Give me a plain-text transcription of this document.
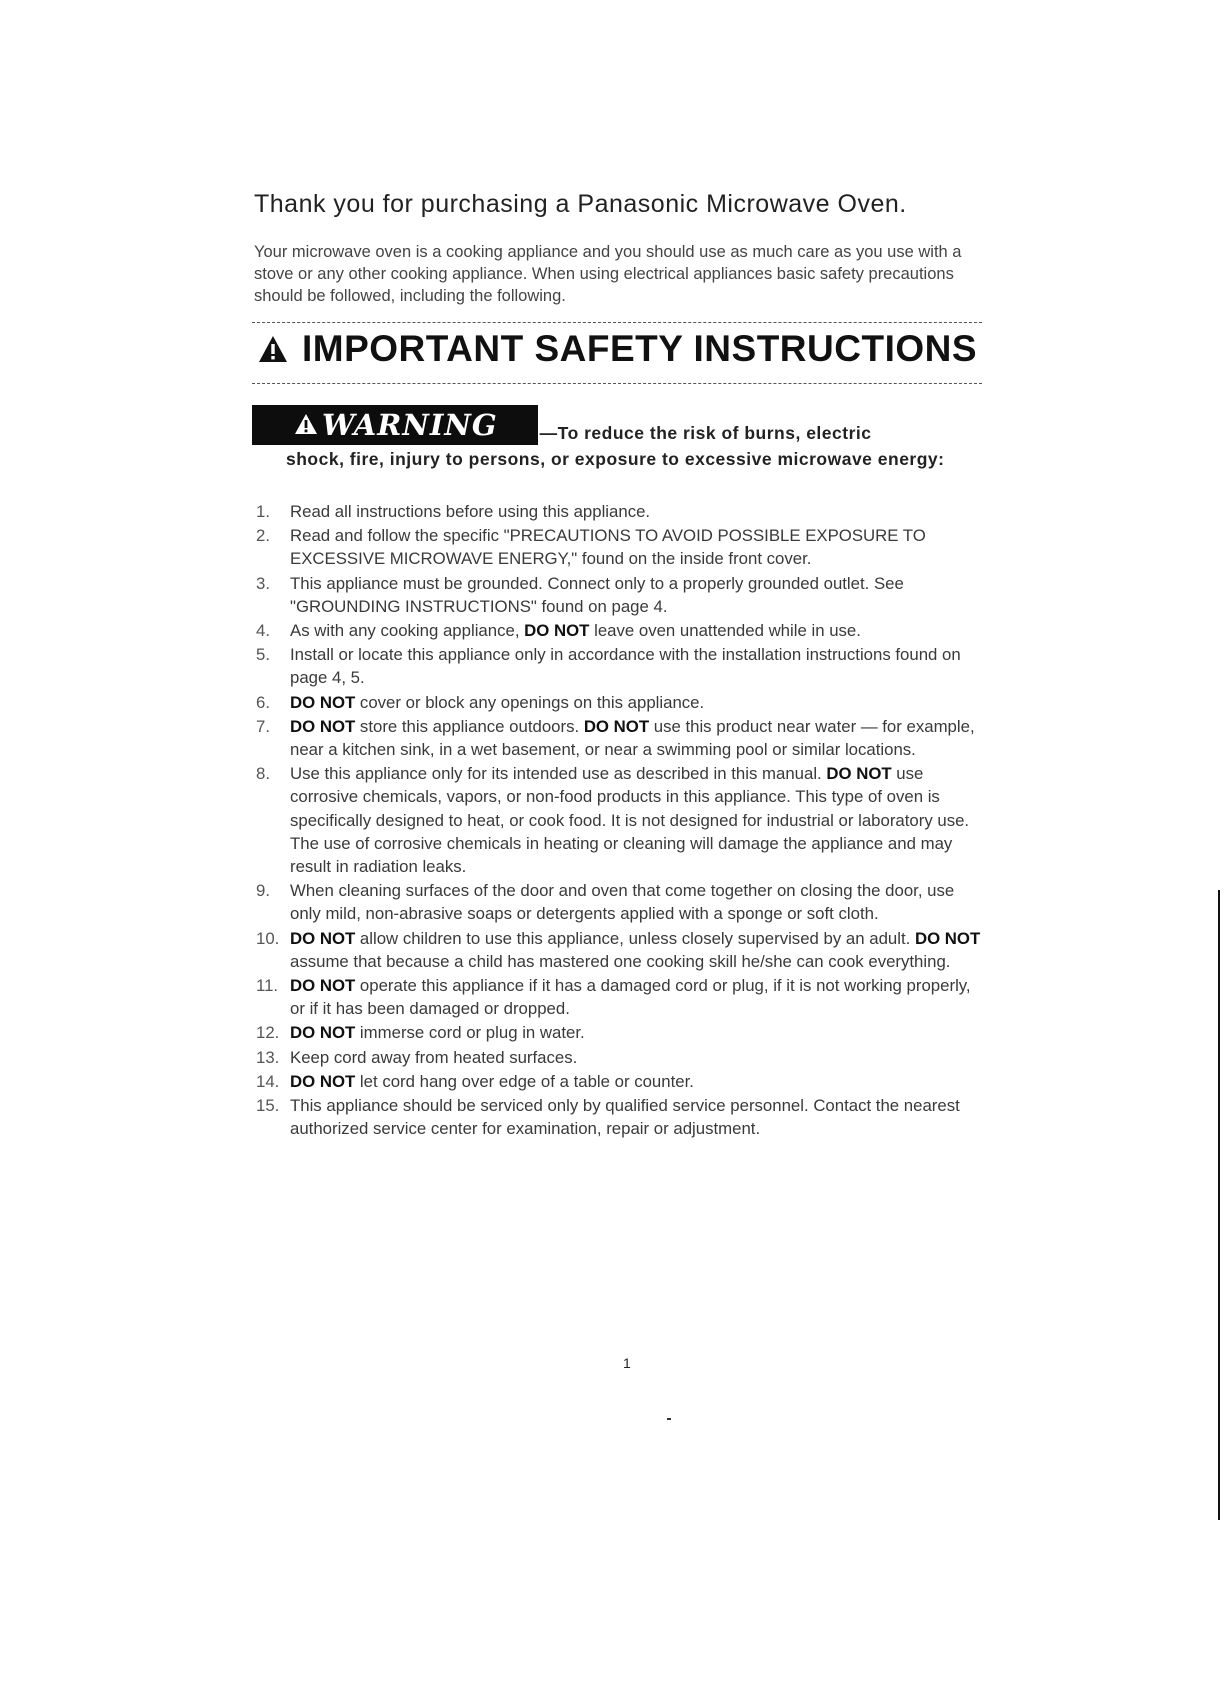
Thank you for purchasing a Panasonic Microwave Oven.
Your microwave oven is a cooking appliance and you should use as much care as you use with a stove or any other cooking appliance. When using electrical appliances basic safety precautions should be followed, including the following.
IMPORTANT SAFETY INSTRUCTIONS
WARNING —To reduce the risk of burns, electric
shock, fire, injury to persons, or exposure to excessive microwave energy:
1.	Read all instructions before using this appliance.
2.	Read and follow the specific "PRECAUTIONS TO AVOID POSSIBLE EXPOSURE TO EXCESSIVE MICROWAVE ENERGY," found on the inside front cover.
3.	This appliance must be grounded. Connect only to a properly grounded outlet. See "GROUNDING INSTRUCTIONS" found on page 4.
4.	As with any cooking appliance, DO NOT leave oven unattended while in use.
5.	Install or locate this appliance only in accordance with the installation instructions found on page 4, 5.
6.	DO NOT cover or block any openings on this appliance.
7.	DO NOT store this appliance outdoors. DO NOT use this product near water — for example, near a kitchen sink, in a wet basement, or near a swimming pool or similar locations.
8.	Use this appliance only for its intended use as described in this manual. DO NOT use corrosive chemicals, vapors, or non-food products in this appliance. This type of oven is specifically designed to heat, or cook food. It is not designed for industrial or laboratory use. The use of corrosive chemicals in heating or cleaning will damage the appliance and may result in radiation leaks.
9.	When cleaning surfaces of the door and oven that come together on closing the door, use only mild, non-abrasive soaps or detergents applied with a sponge or soft cloth.
10. DO NOT allow children to use this appliance, unless closely supervised by an adult. DO NOT assume that because a child has mastered one cooking skill he/she can cook everything.
11. DO NOT operate this appliance if it has a damaged cord or plug, if it is not working properly, or if it has been damaged or dropped.
12. DO NOT immerse cord or plug in water.
13. Keep cord away from heated surfaces.
14. DO NOT let cord hang over edge of a table or counter.
15. This appliance should be serviced only by qualified service personnel. Contact the nearest authorized service center for examination, repair or adjustment.
1
